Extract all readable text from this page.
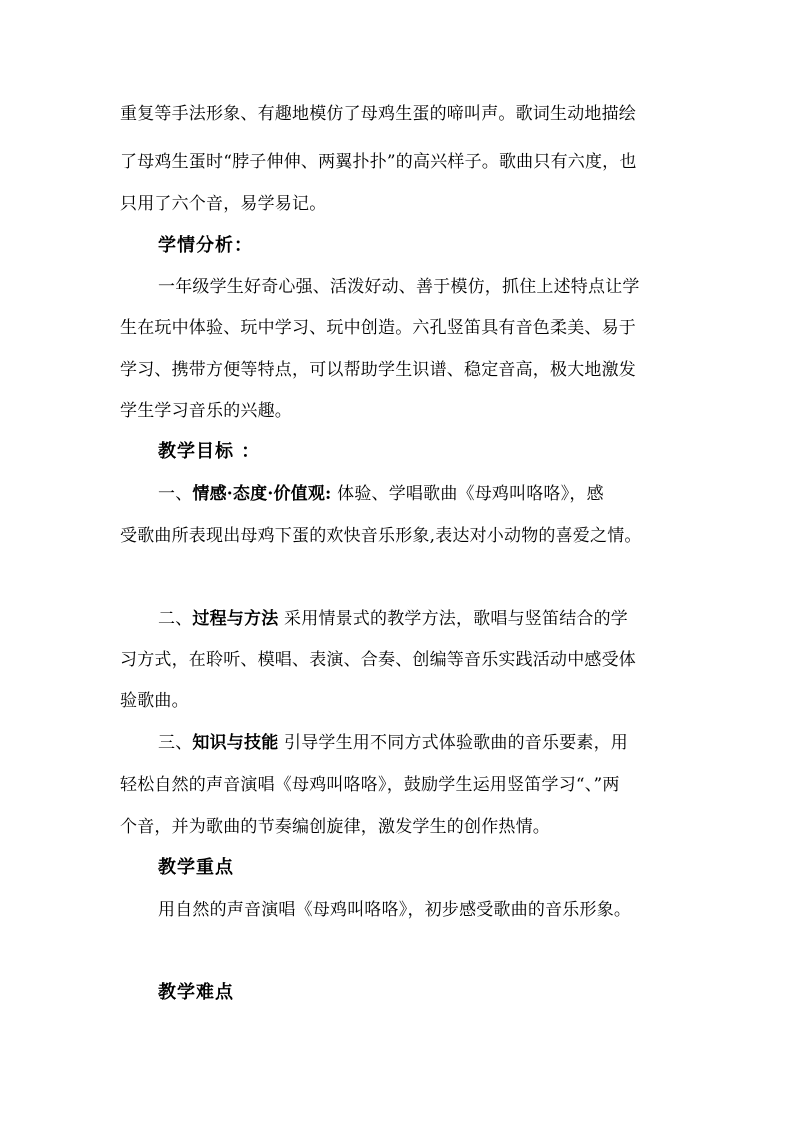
重复等手法形象、有趣地模仿了母鸡生蛋的啼叫声。歌词生动地描绘
了母鸡生蛋时“脖子伸伸、两翼扑扑”的高兴样子。歌曲只有六度，也
只用了六个音，易学易记。
学情分析：
一年级学生好奇心强、活泼好动、善于模仿，抓住上述特点让学
生在玩中体验、玩中学习、玩中创造。六孔竖笛具有音色柔美、易于
学习、携带方便等特点，可以帮助学生识谱、稳定音高，极大地激发
学生学习音乐的兴趣。
教学目标 ：
一、情感·态度·价值观: 体验、学唱歌曲《母鸡叫咯咯》，感
受歌曲所表现出母鸡下蛋的欢快音乐形象,表达对小动物的喜爱之情。
二、过程与方法 采用情景式的教学方法，歌唱与竖笛结合的学
习方式，在聆听、模唱、表演、合奏、创编等音乐实践活动中感受体
验歌曲。
三、知识与技能 引导学生用不同方式体验歌曲的音乐要素，用
轻松自然的声音演唱《母鸡叫咯咯》，鼓励学生运用竖笛学习“、”两
个音，并为歌曲的节奏编创旋律，激发学生的创作热情。
教学重点
用自然的声音演唱《母鸡叫咯咯》，初步感受歌曲的音乐形象。
教学难点
